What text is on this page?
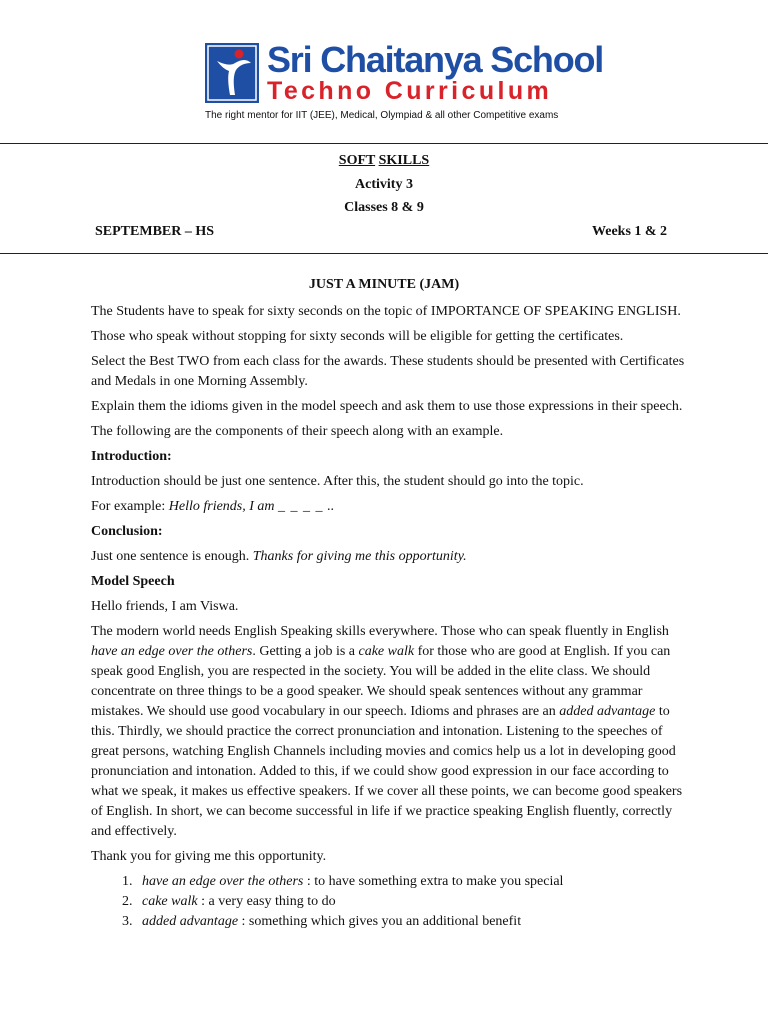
Sri Chaitanya School
Techno Curriculum
The right mentor for IIT (JEE), Medical, Olympiad & all other Competitive exams
SOFT SKILLS
Activity 3
Classes 8 & 9
SEPTEMBER – HS	Weeks 1 & 2
JUST A MINUTE (JAM)

The Students have to speak for sixty seconds on the topic of IMPORTANCE OF SPEAKING ENGLISH.

Those who speak without stopping for sixty seconds will be eligible for getting the certificates.

Select the Best TWO from each class for the awards. These students should be presented with Certificates and Medals in one Morning Assembly.

Explain them the idioms given in the model speech and ask them to use those expressions in their speech.

The following are the components of their speech along with an example.

Introduction:

Introduction should be just one sentence. After this, the student should go into the topic.

For example: Hello friends, I am _ _ _ _ ..

Conclusion:

Just one sentence is enough. Thanks for giving me this opportunity.

Model Speech

Hello friends, I am Viswa.

The modern world needs English Speaking skills everywhere. Those who can speak fluently in English have an edge over the others. Getting a job is a cake walk for those who are good at English. If you can speak good English, you are respected in the society. You will be added in the elite class. We should concentrate on three things to be a good speaker. We should speak sentences without any grammar mistakes. We should use good vocabulary in our speech. Idioms and phrases are an added advantage to this. Thirdly, we should practice the correct pronunciation and intonation. Listening to the speeches of great persons, watching English Channels including movies and comics help us a lot in developing good pronunciation and intonation. Added to this, if we could show good expression in our face according to what we speak, it makes us effective speakers. If we cover all these points, we can become good speakers of English. In short, we can become successful in life if we practice speaking English fluently, correctly and effectively.

Thank you for giving me this opportunity.

1. have an edge over the others : to have something extra to make you special
2. cake walk : a very easy thing to do
3. added advantage : something which gives you an additional benefit
